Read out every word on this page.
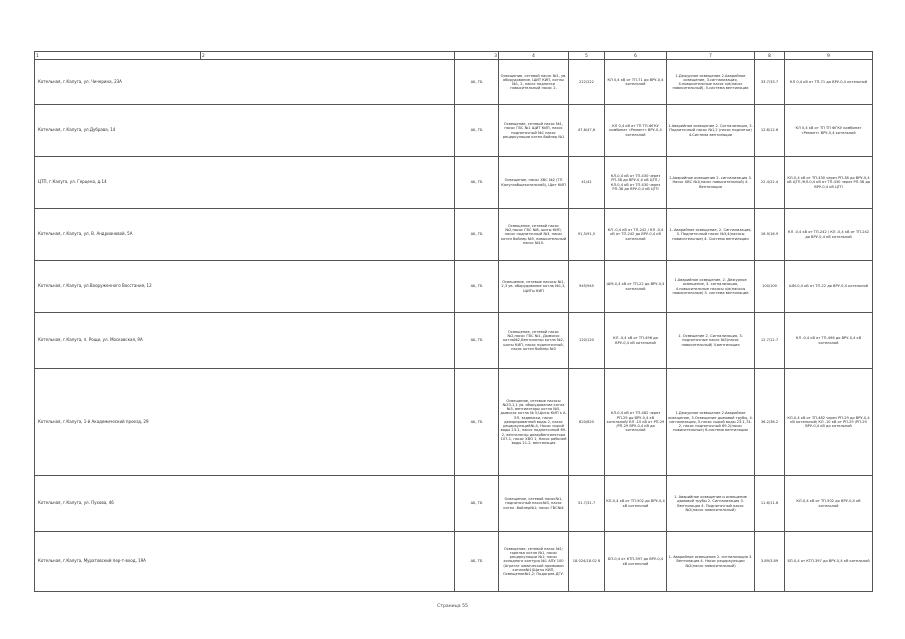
1	2	3	4	5	6	7	8	9
Котельная, г.Калуга, ул. Чичерина, 23А		АБ, ТБ	Освещение, сетевой насос №1, ув. оборудование, ЩИТ КИП, котлы №1, 2, насос подпитки повысительный насос 2.	222/222	КЛ 0,4 кВ от ТП-71 до ВРУ-0,4 котельной	1.Дежурное освещение 2.Аварийное освещение, 3.сигнализация, 4.повысительные насос х/в(насос повисительный), 5.система вентиляции	33.7/33.7	КЛ 0,4 кВ от ТП-71 до ВРУ-0,4 котельной
Котельная, г.Калуга, ул.Дубрава, 14		АБ, ТБ	Освещение, сетевой насос №1, насос ГВС №1 ЩИТ КИП, насос подпиточный №1 насос рециркуляции котел-бойлер №1	47,6/47,6	КЛ 0,4 кВ от ТП ТП-ФГКУ комбинат «Ремонт» ВРУ-0,4 котельной	1.Аварийное освещение 2. Сигнализация, 3. Подпиточный насос №1,2 (насос подпитки) 4.Система вентиляции	12.6/12.6	КЛ 0,4 кВ от ТП ТП ФГКУ комбинат «Ремонт» ВРУ-0,4 котельной
ЦТП, г.Калуга, ул. Герцена, д.14		АБ, ТБ	Освещение, насос ХВС №2 (ТП Калугаобщекотельной), Щит КИП	41/41	КЛ-0,4 кВ от ТП-430 через РП-38 до ВРУ-0,4 кВ ЦТП /КЛ-0,4 кВ от ТП-430 через РП-38 до ВРУ-0,4 кВ ЦТП	1.Аварийное освещение 2. сигнализация 3. Насос ХВС №1(насос повысительный) 4. Вентиляция	22.4/22.4	КЛ-0,4 кВ от ТП-430 через РП-38 до ВРУ-0,4 кВ ЦТП /КЛ-0,4 кВ от ТП-430 через РП-38 до ВРУ-0,4 кВ ЦТП
Котельная, г.Калуга, ул. В. Андриановой, 5А		АБ, ТБ	Освещение, сетевой насос №2,насос ГВС №8, шиты КИП, насос подпиточный №3, насос котел бойлер №5, повысительный насос №10.	91,5/91,5	КЛ -0,4 кВ от ТП-242 / КЛ -0,4 кВ от ТП-242 до ВРУ-0,4 кВ котельной	1. Аварийное освещение, 2. Сигнализация, 3. Подпиточный насос №3,4(насосы повисительные) 4. Система вентиляции	16.9/16.9	КЛ -0,4 кВ от ТП-242 / КЛ -0,4 кВ от ТП-242 до ВРУ-0,4 кВ котельной
Котельная, г.Калуга, ул.Вооруженного Восстания, 12		АБ, ТБ	Освещение, сетевые насосы №1, 2,3 ув. оборудование котла №1,3, ЩИТы КИП	945/945	ШМ-0,4 кВ от ТП-22 до ВРУ-0,4 котельной	1.Аварийное освещение, 2. Дежурное освещение, 3. сигнализация, 4.повысительные насосы х/в(насосы повисительные) 5. система вентиляции	100/100	ШМ-0,4 кВ от ТП-22 до ВРУ-0,4 котельной
Котельная, г.Калуга, п. Рощи, ул. Московская, 9А		АБ, ТБ	Освещение, сетевой насос №2,насос ГВС №1, Дымосос котла№2,Вентилятор котла №2, шиты КИП, насос подпиточный, насос котел бойлер №3	120/120	КЛ -0,4 кВ от ТП-496 до ВРУ-0,4 кВ котельной	1. Освещение 2. Сигнализация, 3. подпиточные насос №3(насос повисительный) 4.вентиляция	12.7/12.7	КЛ -0,4 кВ от ТП-496 до ВРУ-0,4 кВ котельной
Котельная, г.Калуга, 1-й Академический проезд, 29		АБ, ТБ	Освещение, сетевые насосы №2З-1,1 ув. оборудование котла №3, вентиляторы котла №5, дымосос котла № 5,Щиты КИП к А. ЭЛ. задвижки, насос деаэрированной воды 2, насос рециркуляций№-4, Насос сырой воды 23-1, насос подпиточный 69-2, вентилятор деаэрбентилятора 107-1, насос ХВО 1, Насос рабочей воды 21-2, вентиляция	820/820	КЛ-0,4 кВ от ТП-482 через РП-29 до ВРУ-0,4 кВ котельной/ КЛ -10 кВ от РП-29 /РП-29 ВРУ-0,4 кВ до котельной	1.Дежурное освещение 2.Аварийное освещение, 3.Освещение дымовой трубы, 4. сигнализация, 5.насос сырой воды 23-1,74-2, насос подпиточный 69-2(насос повисительные) 6.система вентиляции	36.2/36.2	КЛ-0,4 кВ от ТП-482 через РП-29 до ВРУ-0,4 кВ котельной/ КЛ -10 кВ от РП-29 /РП-29 ВРУ-0,4 кВ до котельной
Котельная, г.Калуга, ул. Пухова, 46		АБ, ТБ	Освещение, сетевой насос№1, подпиточный насос№3, насос котел -бойлер№1; насос ГВС№4	31.7/31.7	КЛ-0,4 кВ от ТП-502 до ВРУ-0,4 кВ котельной	1. Аварийное освещение и освещение дымовой трубы 2. Сигнализация 3. Вентиляция 4. Подпиточный насос №2(насос повисительный)	11.6/11.6	КЛ-0,4 кВ от ТП-502 до ВРУ-0,4 кВ котельной
Котельная, г.Калуга, Муратовский пер-т-вход, 19А		АБ, ТБ	Освещение, сетевой насос №1; горелка котла №1, насос рециркуляции №1; насос холодного контура №1 АПУ 100 (Агрегат химической промывки котлов№1)Щиты КИП, Освещение№1,2; Подогрев ДГУ.	18.024/18.02 8	БП-0,4 от КТП-397 до ВРУ-0,4 кВ котельной	1. Аварийное освещение 2. сигнализация 3. Вентиляция 4. Насос рециркуляции №2(насос повисительный)	3.89/3.89	БП-0,4 от КТП-397 до ВРУ-0,4 кВ котельной
Страница 55
